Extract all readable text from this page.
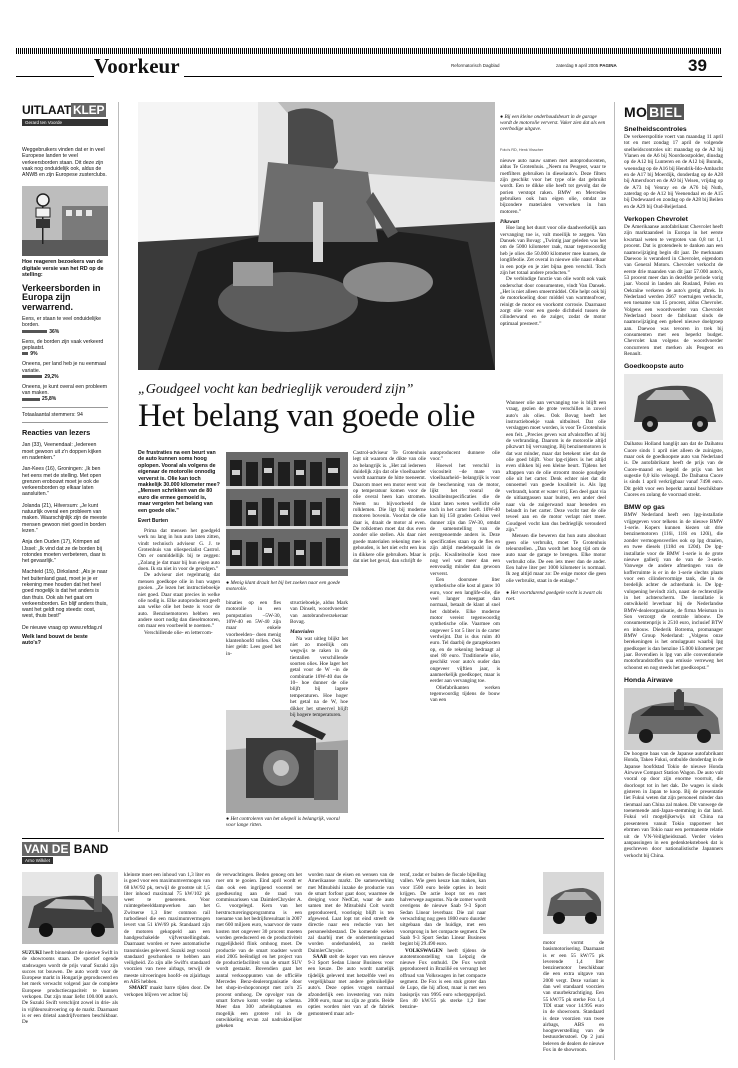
Voorkeur	Reformatorisch Dagblad	zaterdag 9 april 2005 PAGINA	39
UITLAAT KLEP
Gerard ten Voorde
Weggebruikers vinden dat er in veel Europese landen te veel verkeersborden staan. Dit deze zijn vaak nog onduidelijk ook, aldus de ANWB en zijn Europese zusterclubs.
Hoe reageren bezoekers van de digitale versie van het RD op de stelling:
Verkeersborden in Europa zijn verwarrend.
Eens, er staan te veel onduidelijke borden.
36%
Eens, de borden zijn vaak verkeerd geplaatst.
9%
Oneens, per land heb je nu eenmaal variatie.
29,2%
Oneens, je kunt overal een probleem van maken.
25,8%
Totaalaantal stemmers: 94
Reacties van lezers
Jan (33), Veenendaal: „Iedereen moet gewoon uit z'n doppen kijken en nadenken.”
Jan-Kees (16), Groningen: „Ik ben het eens met de stelling. Met open grenzen erobouwt moet je ook de verkeersborden op elkaar laten aansluiten.”
Jolanda (21), Hilversum: „Je kunt natuurlijk overal een probleem van maken. Waarschijnlijk zijn de meeste mensen gewoon niet goed in borden lezen.”
Anja den Ouden (17), Krimpen ad IJssel: „Ik vind dat ze de borden bij rotondes moeten verbeteren, daar is het gevaarlijk.”
Machteld (15), Dirksland: „Als je naar het buitenland gaat, moet je je er rekening mee houden dat het heel goed mogelijk is dat het anders is dan thuis. Ook als het gaat om verkeersborden. En blijf anders thuis, want het geldt nog steeds: oost, west, thuis best!”
De nieuwe vraag op www.refdag.nl
Welk land bouwt de beste auto's?
● Bij een kleine onderhoudsbeurt in de garage wordt de motorolie ververst. Vaker zien dat als een overbodige uitgave.
Foto's RD, Henk Visscher
„Goudgeel vocht kan bedrieglijk verouderd zijn”
Het belang van goede olie

De frustraties na een beurt van de auto kunnen soms hoog oplopen. Vooral als volgens de eigenaar de motorolie onnodig ververst is. Olie kan toch makkelijk 30.000 kilometer mee? „Mensen schrikken van de 80 euro die ermee gemoeid is, maar vergeten het belang van een goede olie.”

Evert Burten

Prima dat mensen het goedgeld werk nu lang in hun auto laten zitten, vindt technisch adviseur G. J. te Grotenhuis van oliespecialist Castrol. Om er onmiddellijk bij te zeggen: „Zolang je dat maar bij hun eigen auto doen. Ik sta niet in voor de gevolgen.”

De adviseur ziet regelmatig dat mensen goedkope olie in hun wagen gooien. „Ze lezen het instructieboekje niet goed. Daar staat precies in welke olie nodig is. Elke autoproducent geeft aan welke olie het beste is voor de auto. Benzinemotoren hebben een andere soort nodig dan dieselmotoren, om maar een voorbeeld te noemen.”

Verschillende olie- en lettercom-

● Menig klant draait het bij het zoeken naar een goede motorolie.

binaties op een fles motorolie in een pompstation –5W-30, 10W-40 en 5W-40 zijn maar enkele voorbeelden– doen menig klantenhoofd tollen. Ook hier geldt: Lees goed het in-

● Het controleren van het oliepeil is belangrijk, vooral voor lange ritten.

structieboekje, aldus Mark van Dinselt, woordvoerder van autobrandverzekeraar Bovag.

Materialen

Na wat uitleg blijkt het niet zo moeilijk om wegwijs te raken in de tientallen verschillende soorten olies. Hoe lager het getal voor de W –in de combinatie 10W-40 dus de 10– hoe dunner de olie blijft bij lagere temperaturen. Hoe hoger het getal na de W, hoe dikker het smeervel blijft bij hogere temperaturen.

Castrol-adviseur Te Grotenhuis legt uit waarom de dikte van olie zo belangrijk is. „Het zal iedereen duidelijk zijn dat olie vloeibaarder wordt naarmate de hitte toeneemt. Daarom moet een motor eerst wat op temperatuur komen voor de olie overal heen kan stromen. Neem nu bijvoorbeeld de rolklemen. Die ligt bij moderne motoren bovenin. Voordat de olie daar is, draait de motor al even. De rolklemen moet dat dus even zonder olie stellen. Als daar niet goede materialen rekening mee is gehouden, is het niet echt een kus in dikkere olie gebruiken. Maar is dat niet het geval, dan schrijft de

autoproducent dunnere olie voor.”

Hoewel het verschil in viscositeit –de mate van vloeibaarheid– belangrijk is voor de beschenning van de motor, lijkt het vooral de kwaliteitsspecificaties die de klant laten weten wellicht olie toch in het carter hoeft. 10W-40 kan bij 150 graden Celsius veel dunner zijn dan 5W-30, omdat de samenstelling van de eerstgenoemde anders is. Deze specificaties staan op de fles en zijn altijd medebepaald in de prijs. Kwaliteitsolie kost mee nog wel wat meer dan een eenvoudig minder dan gewoon ververst.

Een doorsnee liter synthetische olie kost al gauw 10 euro, voor een langlife-olie, die veel langer meegaat dan normaal, betaalt de klant al snel het dubbele. Elke moderne motor vereist tegenwoordig synthetische olie. Vaarmee om ongeveer 5 tot 5 liter in de carter verdwijnt. Dat is dus ruim 40 euro. Tel daarbij de garagekosten op, en de rekening bedraagt al snel 80 euro. Traditionele olie, geschikt voor auto's ouder dan ongeveer vijftien jaar, is aanmerkelijk goedkoper, maar is eerder aan vervanging toe.

Oliefabrikanten werken tegenwoordig tijdens de bouw van een

nieuwe auto nauw samen met autoproducenten, aldus Te Grotenhuis. „Neem nu Peugeot, waar te roetfilters gebruiken in dieselauto's. Deze filters zijn geschikt voor het type olie dat gebruikt wordt. Een te dikke olie heeft tot gevolg dat de porien verstopt raken. BMW en Mercedes gebruiken ook hun eigen olie, omdat ze bijzondere materialen verwerken in hun motoren.”

Pikzwart

Hoe lang het duurt voor olie daadwerkelijk aan vervanging toe is, valt moeilijk te zeggen. Van Dansek van Bovag: „Twintig jaar geleden was het om de 5000 kilometer raak, maar tegenwoordig heb je olies die 50.000 kilometer mee kunnen, de longlifeolie. Zet overal in nieuwe olie naast elkaar in een potje en je ziet bijna geen verschil. Toch zijn het totaal andere producten.”

De verbindige functie van olie wordt ook vaak onderschat door consumenten, vindt Van Dansek. „Het is niet alleen smeermiddel. Olie helpt ook bij de motorkoeling door middel van warmteafvoer, reinigt de motor en voorkomt corrosie. Daarnaast zorgt olie voor een goede dichtheid tussen de cilinderwand en de zuiger, zodat de motor optimaal presteert.”

Wanneer olie aan vervanging toe is blijft een vraag, gezien de grote verschillen in zowel auto's als olies. Ook Bovag heeft het instructieboekje vaak uitbuitsel. Dat olie verslaggen moet worden, is voor Te Grotenhuis een feit. „Precies geven wat afvalstoffen af bij de verbranding. Daarom is de motorolie altijd pikzwart bij vervanging. Bij benzinemotoren is dat wat minder, maar dat betekent niet dat de olie goed blijft. Voor lpg-rijders is het altijd even slikken bij een kleine beurt. Tijdens het aftappen van de olie stroomt mooie goudgele olie uit het carter. Denk echter niet dat dit onnoemel van goede kwaliteit is. Als lpg verbrandt, komt er water vrij. Een deel gaat via de uitlaatgassen naar buiten, een ander deel naar via de zuigerwand naar beneden en belandt in het carter. Deze vocht tast de olie teveel aan en de motor verlapt niet meer. Goudgeel vocht kan dus bedrieglijk verouderd zijn.”

Mensen die beweren dat hun auto absoluut geen olie verbruikt, moet Te Grotenhuis teleurstellen. „Dan wordt het hoog tijd om de auto naar de garage te brengen. Elke motor verbruikt olie. De een iets meer dan de ander. Een halve liter per 1000 kilometer is normaal. Ik zeg altijd maar zo: De enige motor die geen olie verbruikt, staat in de etalage.”

● Het voortdurend goedgele vocht is zwart als roet.
MO BIEL
Snelheidscontroles
De verkeerspolitie voert van maandag 11 april tot en met zondag 17 april de volgende snelheidscontroles uit: maandag op de A2 bij Vianen en de A6 bij Noordoostpolder, dinsdag op de A12 bij Lunteren en de A12 bij Bunnik, woensdag op de A16 bij Hendrik-Ido-Ambacht en de A17 bij Moerdijk, donderdag op de A28 bij Amersfoort en de A9 bij Velsen, vrijdag op de A73 bij Venray en de A76 bij Nuth, zaterdag op de A12 bij Veenendaal en de A15 bij Dodewaard en zondag op de A28 bij Beilen en de A29 bij Oud-Beijerland.
Verkopen Chevrolet
De Amerikaanse autofabrikant Chevrolet heeft zijn marktaandeel in Europa in het eerste kwartaal weten te vergroten van 0,8 tot 1,1 procent. Dat is grotendeels te danken aan een naamswijziging begin dit jaar. De merknaam Daewoo is veranderd in Chevrolet, eigendom van General Motors. Chevrolet verkocht de eerste drie maanden van dit jaar 57.000 auto's, 53 procent meer dan in dezelfde periode vorig jaar. Vooral in landen als Rusland, Polen en Oekraïne verkeren de auto's gretig aftrek. In Nederland werden 2667 voertuigen verkocht, een toename van 15 procent, aldus Chevrolet. Volgens een woordvoerder van Chevrolet Nederland boort de fabrikant sinds de naamswijziging een geheel nieuwe doelgroep aan. Daewoo was tevoren in trek bij consumenten met een beperkt budget. Chevrolet kan volgens de woordvoerder concurreren met merken als Peugeot en Renault.
Goedkoopste auto
Daihatsu Holland hanglijt aan dat de Daihatsu Cuore sinds 1 april niet alleen de zuinigste, maar ook de goedkoopste auto van Nederland is. De autofabrikant heeft de prijs van de Cuore-maand en legeld de prijs van het sugestie 0,0 kilo veloogd. De Daihatsu Cuore is sinds 1 april verkrijgbaar vanaf 7498 euro. Dit geldt voor een beperkt aantal beschikbare Cuores en zolang de voorraad strekt.
BMW op gas
BMW Nederland heeft een lpg-installatie vrijgegeven voor telkens in de nieuwe BMW 1-serie. Kopers kunnen kiezen uit drie benzinemotoren (116i, 118i en 120i), die zonder vermogensverlies ook op lpg draaien, en twee diesels (118d en 120d). De lpg-installatie voor de BMW 1-serie is de grote nieuwe gallerij van de van de 3-serie. Vanwege de andere afmetingen van de kofferruimte is er in de 1-serie slechts plaats voor een cilindervormige tank, die in de bredelijk achter de achterbank is. De lpg-vulopening bevindt zich, naast de rechterstijle in het achterscherm. De installatie is ontwikkeld leverbaar bij de Nederlandse BMW-dealerorganisatie, de firma Meisman in Son verzorgt de centrale inbouw. De consumentenprijs is 2510 euro, inclusief BTW en inbouw. Diederik Botrema, promanager BMW Group Nederland: „Volgens onze berekeningen is het omslagpunt waarbij lpg goedkoper is dan benzine 15.000 kilometer per jaar. Bovendien is lpg van alle conventionele motorbrandstoffen qua emissie verreweg het schoonst en nog steeds het goedkoopst.”
Honda Airwave
De hoogste baas van de Japanse autofabrikant Honda, Takeo Fukui, ontbulde donderdag in de Japanse hoofdstad Tokio de nieuwe Honda Airwave Compact Station Wagon. De auto valt vooral op door zijn enorme voorruit, die doorloopt tot in het dak. De wagen is sinds gisteren in Japan te koop. Bij de presentatie liet Fukui weten dat zijn personeel minder dan tienmaal aan China zal maken. Dit vanwege de toenemende anti-Japan-stemming in dat land. Fukui wil mogelijkerwijs uit China na presenteren vanuit Tokio rapporteer het ebrmen van Tokio naar een permanente relatie uit de VN-Veiligheidsraad. Verder vielen aanpassingen in een gedenkteksteboek dat is geschreven door nationalistische Japanners verkocht bij China.
VAN DE BAND
Arno Wilkilet

SUZUKI heeft binnenkort de nieuwe Swift in de showrooms staan. De sportief ogende stadswagen wordt de prijs vanaf Suzuki zijn succes tot bouwen. De auto wordt voor de Europese markt in Hongarije geproduceerd en het merk verwacht volgend jaar de complete Europese productiecapaciteit te kunnen verkopen. Dat zijn maar liefst 100.000 auto's. De Suzuki Swift verschijnt zowel in drie- als in vijfdeursuitvoering op de markt. Daarnaast is er een drietal aandrijfvormen beschikbaar. De

kleinste moet een inhoud van 1,3 liter en is goed voor een maximumvermogen van 68 kW/92 pk, terwijl de grootste uit 1,5 liter inhoud maximaal 75 kW/102 pk weet te genereren. Voor ruimtegebeelddampwerken aan het Zwitserse 1,3 liter common rail turbodiesel die een maximumvermogen levert van 51 kW/69 pk. Standaard zijn de motoren gekoppeld aan een handgeschakelde vijfversnellingsbak. Daarnaast worden er twee automatische transmissies geleverd. Suzuki zegt vooral standaard geschonken te hebben aan veiligheid. Zo zijn alle Swift's standaard voorzien van twee airbags, terwijl de meeste uitvoeringen hoofd- en zijairbags en ABS hebben.

SMART maakt barre tijden door. De verkopen blijven ver achter bij

de verwachtingen. Beden genoeg om het roer om te gooien. Eind april wordt er dan ook een ingrijpend voorstel ter goedkeuring aan de raad van commissarissen van DaimlerChrysler A. G. voorgelegd. Kern van het herstructureringsprogramma is een toename van het bedrijfsresultaat in 2007 met 600 miljoen euro, waarvoor de vaste kosten met ongeveer 30 procent moeten worden gereduceerd en de productiviteit ruggelijkheid flink omhoog moet. De productie van de smart roadster wordt eind 2005 beëindigd en het project van de productiefaciliteit van de smart SUV wordt gestaakt. Bovendien gaat het aantal verkooppunten van de officiële Mercedes Benz-dealerorganisatie door het shop-in-shopconcept met zo'n 25 procent omhoog. De opvolger van de smart fortwo komt verder op schema. Meer dan 300 arbeidsplaatsen en mogelijk een grotere rol in de ontwikkeling ervan zal nadrukkelijker gekeken

worden naar de eisen en wensen van de Amerikaanse markt. De samenwerking met Mitsubishi inzake de productie van de smart forfour gaat door, waarmee de dreiging voor NedCar, waar de auto samen met de Mitsubishi Colt wordt geproduceerd, voorlopig blijft is ten afgewend. Laat lopt tot eind streeft de directie naar een reductie van het personeelsbestand. De komende weken zal daarbij met de ondernemingsraad worden onderhandeld, zo meldt DaimlerChrysler.

SAAB stelt de koper van een nieuwe 9-3 Sport Sedan Linear Business voor een keuze. De auto wordt namelijk tijdelijk geleverd met hetzelfde veel en vergelijkbaar met andere gebruikelijke auto's. Deze opties vragen normaal afzonderlijk een investering van ruim 2000 euro, maar nu zijn ze gratis. Beide opties worden niet van af de fabriek gemonteerd maar ach-

teraf, zodat er buiten de fiscale bijtelling vallen. Wie geen keuze kan maken, kan voor 1500 euro beide opties in bezit krijgen. De actie loopt tot en met halverwege augustus. Na de zomer wordt overigens de nieuwe Saab 9-3 Sport Sedan Linear leverbaar. Die zal naar verwachting nog geen 1800 euro duurder uitgebaan dan de huidige, met een voorsprong in het compacte segment. De Saab 9-3 Sport Sedan Linear Business begint bij 29.490 euro.

VOLKSWAGEN heeft tijdens de autotentoonstelling van Leipzig de nieuwe Fox onthuld. De Fox wordt geproduceerd in Brazilië en vervangt het offroad van Volkswagen in het compacte segment. De Fox is een stuk groter dan de Lupo, die hij aflost, maar is met een basisprijs van 9995 euro scherpgeprijsd. Een 40 kW/55 pk sterke 1,2 liter benzine-

motor vormt de basismotorisering. Daarnaast is er een 55 kW/75 pk leverende 1,4 liter benzinemotor beschikbaar die een extra uitgave van 2000 vergt. Deze variant is dan wel standaard voorzien van stuurbekrachtiging. Een 55 kW/75 pk sterke Fox 1,4 TDI staat voor 14.995 euro in de showroom. Standaard is deze voorzien van twee airbags, ABS en hoogteverstelling van de bestuurdersstoel. Op 2 juni beleven de dealers de nieuwe Fox in de showroom.
